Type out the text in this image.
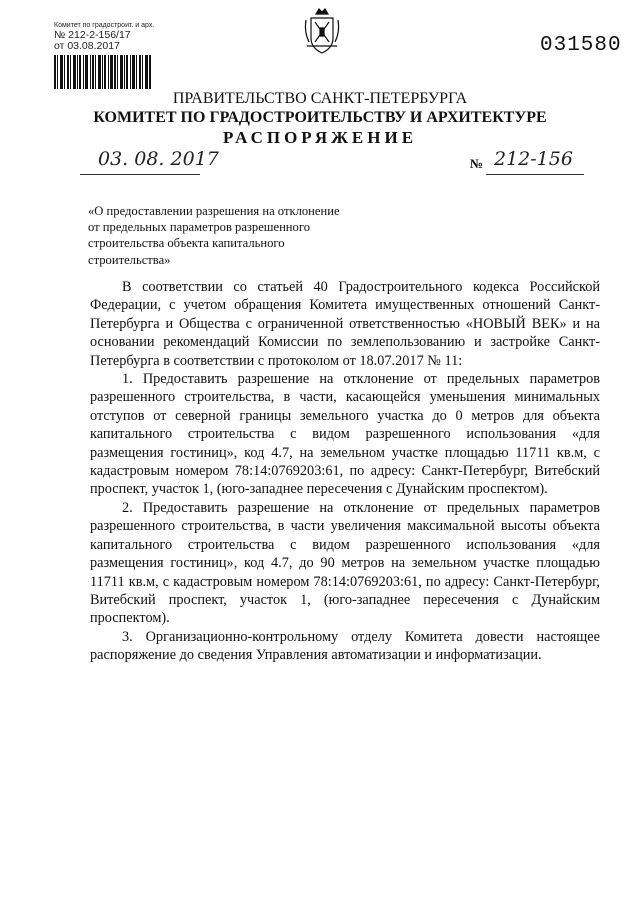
Комитет по градостроит. и арх.
№ 212-2-156/17
от 03.08.2017	031580
ПРАВИТЕЛЬСТВО САНКТ-ПЕТЕРБУРГА
КОМИТЕТ ПО ГРАДОСТРОИТЕЛЬСТВУ И АРХИТЕКТУРЕ
РАСПОРЯЖЕНИЕ
03. 08. 2017	№ 212-156
«О предоставлении разрешения на отклонение
от предельных параметров разрешенного
строительства объекта капитального
строительства»

В соответствии со статьей 40 Градостроительного кодекса Российской Федерации, с учетом обращения Комитета имущественных отношений Санкт-Петербурга и Общества с ограниченной ответственностью «НОВЫЙ ВЕК» и на основании рекомендаций Комиссии по землепользованию и застройке Санкт-Петербурга в соответствии с протоколом от 18.07.2017 № 11:

1. Предоставить разрешение на отклонение от предельных параметров разрешенного строительства, в части, касающейся уменьшения минимальных отступов от северной границы земельного участка до 0 метров для объекта капитального строительства с видом разрешенного использования «для размещения гостиниц», код 4.7, на земельном участке площадью 11711 кв.м, с кадастровым номером 78:14:0769203:61, по адресу: Санкт-Петербург, Витебский проспект, участок 1, (юго-западнее пересечения с Дунайским проспектом).

2. Предоставить разрешение на отклонение от предельных параметров разрешенного строительства, в части увеличения максимальной высоты объекта капитального строительства с видом разрешенного использования «для размещения гостиниц», код 4.7, до 90 метров на земельном участке площадью 11711 кв.м, с кадастровым номером 78:14:0769203:61, по адресу: Санкт-Петербург, Витебский проспект, участок 1, (юго-западнее пересечения с Дунайским проспектом).

3. Организационно-контрольному отделу Комитета довести настоящее распоряжение до сведения Управления автоматизации и информатизации.
